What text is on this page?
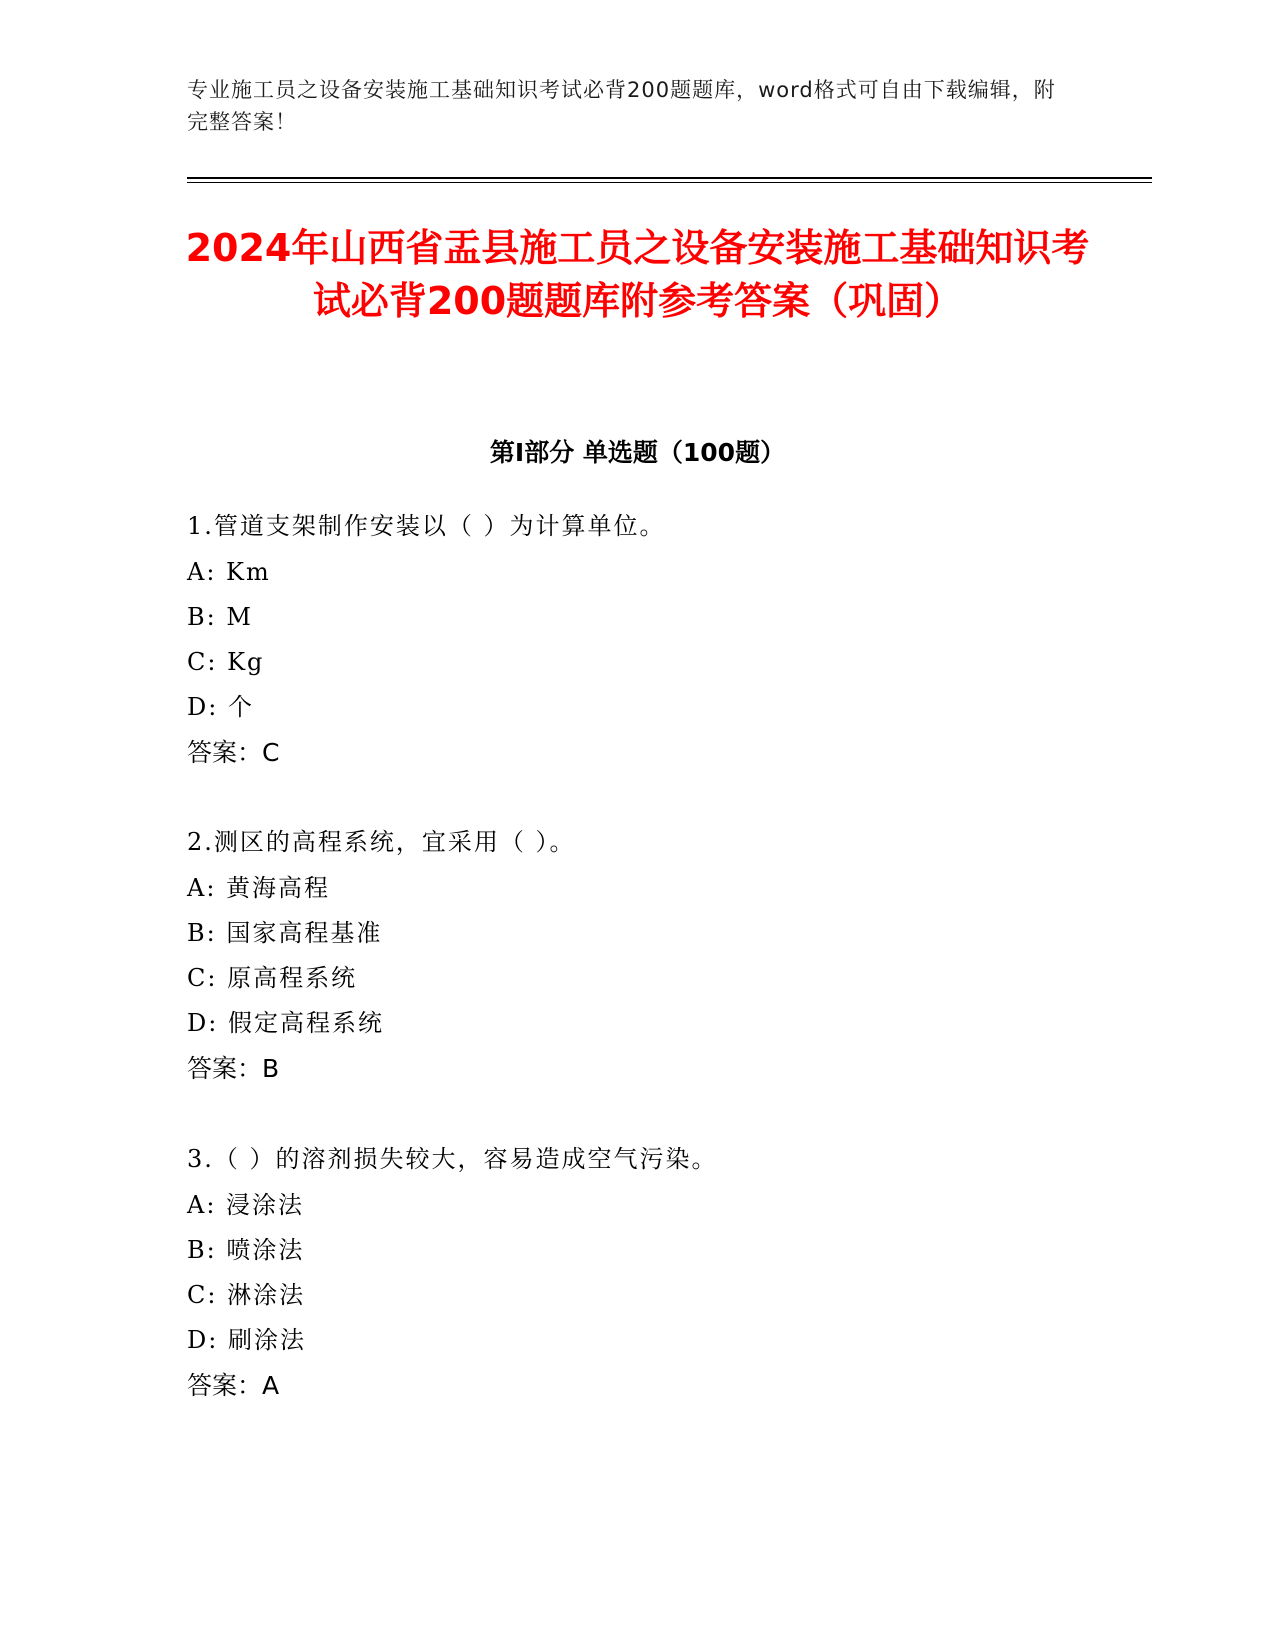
专业施工员之设备安装施工基础知识考试必背200题题库，word格式可自由下载编辑，附完整答案！
2024年山西省盂县施工员之设备安装施工基础知识考试必背200题题库附参考答案（巩固）
第I部分 单选题（100题）
1.管道支架制作安装以（ ）为计算单位。
A: Km
B: M
C: Kg
D: 个
答案：C
2.测区的高程系统，宜采用（ ）。
A: 黄海高程
B: 国家高程基准
C: 原高程系统
D: 假定高程系统
答案：B
3.（ ）的溶剂损失较大，容易造成空气污染。
A: 浸涂法
B: 喷涂法
C: 淋涂法
D: 刷涂法
答案：A
